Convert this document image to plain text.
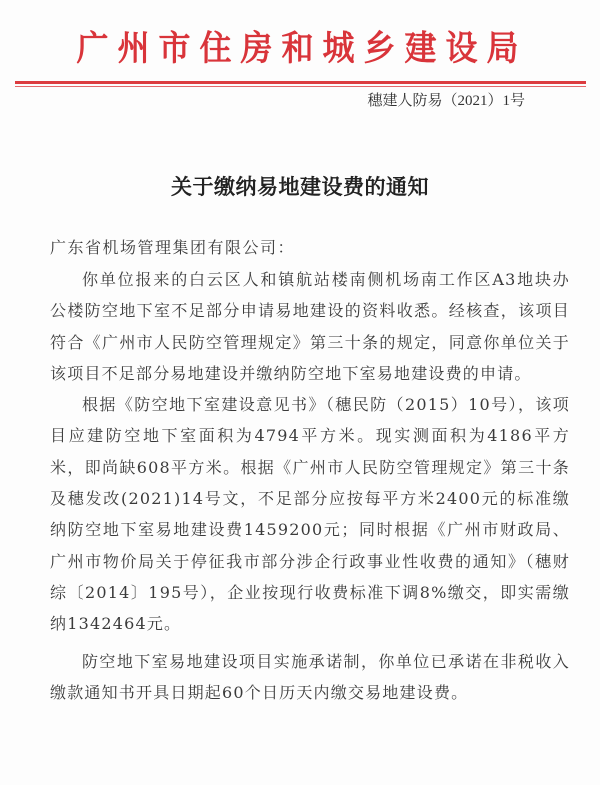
广州市住房和城乡建设局
穗建人防易（2021）1号
关于缴纳易地建设费的通知
广东省机场管理集团有限公司：

你单位报来的白云区人和镇航站楼南侧机场南工作区A3地块办公楼防空地下室不足部分申请易地建设的资料收悉。经核查，该项目符合《广州市人民防空管理规定》第三十条的规定，同意你单位关于该项目不足部分易地建设并缴纳防空地下室易地建设费的申请。

根据《防空地下室建设意见书》（穗民防（2015）10号），该项目应建防空地下室面积为4794平方米。现实测面积为4186平方米，即尚缺608平方米。根据《广州市人民防空管理规定》第三十条及穗发改(2021)14号文，不足部分应按每平方米2400元的标准缴纳防空地下室易地建设费1459200元；同时根据《广州市财政局、广州市物价局关于停征我市部分涉企行政事业性收费的通知》（穗财综〔2014〕195号），企业按现行收费标准下调8%缴交，即实需缴纳1342464元。

防空地下室易地建设项目实施承诺制，你单位已承诺在非税收入缴款通知书开具日期起60个日历天内缴交易地建设费。
